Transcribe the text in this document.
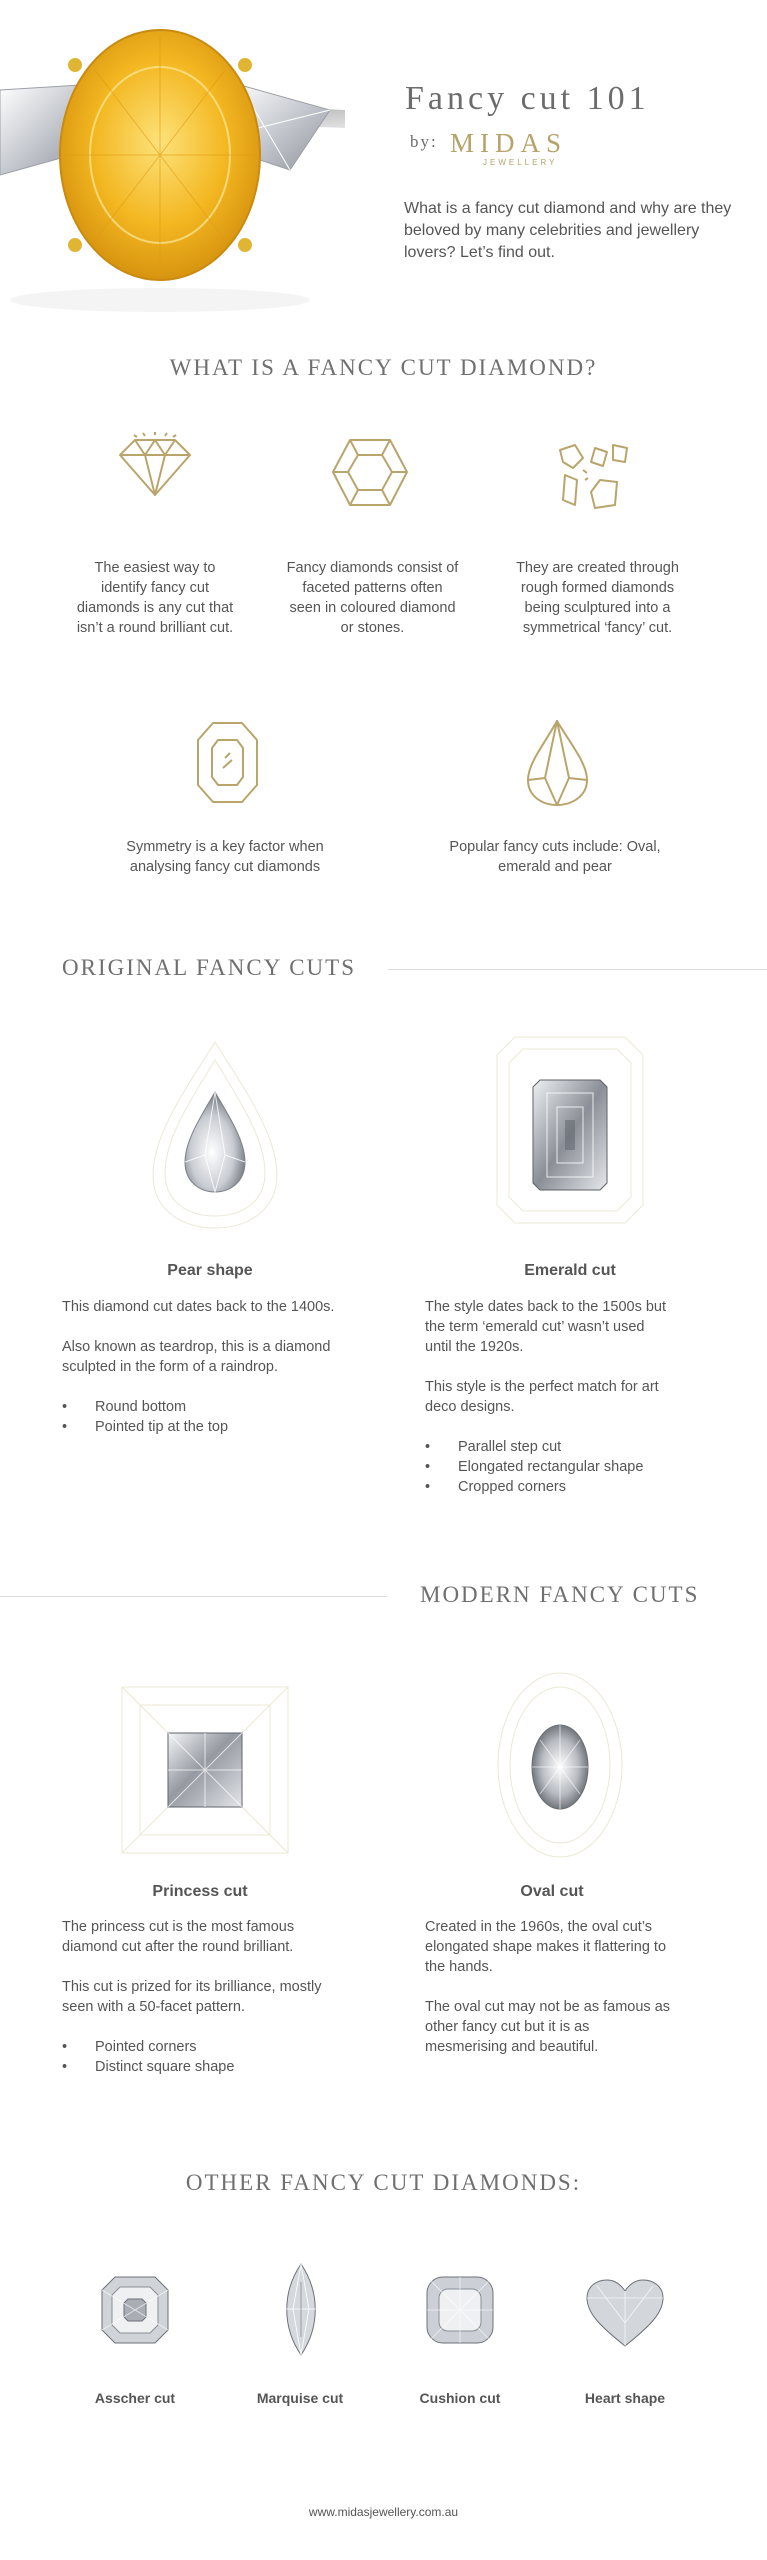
Fancy cut 101
by: MIDAS
JEWELLERY
What is a fancy cut diamond and why are they beloved by many celebrities and jewellery lovers? Let’s find out.
WHAT IS A FANCY CUT DIAMOND?
The easiest way to identify fancy cut diamonds is any cut that isn’t a round brilliant cut.
Fancy diamonds consist of faceted patterns often seen in coloured diamond or stones.
They are created through rough formed diamonds being sculptured into a symmetrical ‘fancy’ cut.
Symmetry is a key factor when analysing fancy cut diamonds
Popular fancy cuts include: Oval, emerald and pear
ORIGINAL FANCY CUTS
Pear shape

This diamond cut dates back to the 1400s.

Also known as teardrop, this is a diamond sculpted in the form of a raindrop.

• Round bottom
• Pointed tip at the top
Emerald cut

The style dates back to the 1500s but the term ‘emerald cut’ wasn’t used until the 1920s.

This style is the perfect match for art deco designs.

• Parallel step cut
• Elongated rectangular shape
• Cropped corners
MODERN FANCY CUTS
Princess cut

The princess cut is the most famous diamond cut after the round brilliant.

This cut is prized for its brilliance, mostly seen with a 50-facet pattern.

• Pointed corners
• Distinct square shape
Oval cut

Created in the 1960s, the oval cut’s elongated shape makes it flattering to the hands.

The oval cut may not be as famous as other fancy cut but it is as mesmerising and beautiful.

OTHER FANCY CUT DIAMONDS:
Asscher cut	Marquise cut	Cushion cut	Heart shape
www.midasjewellery.com.au
